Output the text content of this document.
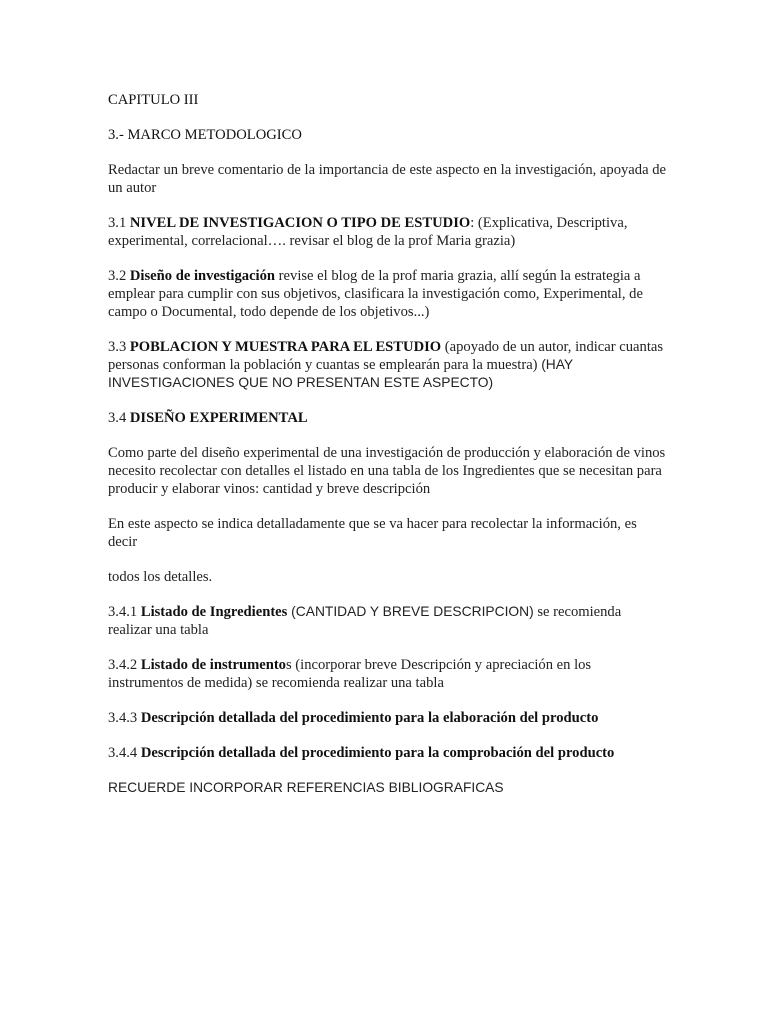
CAPITULO III

3.- MARCO METODOLOGICO

Redactar un breve comentario de la importancia de este aspecto en la investigación, apoyada de un autor

3.1 NIVEL DE INVESTIGACION O TIPO DE ESTUDIO: (Explicativa, Descriptiva, experimental, correlacional…. revisar el blog de la prof Maria grazia)

3.2 Diseño de investigación revise el blog de la prof maria grazia, allí según la estrategia a emplear para cumplir con sus objetivos, clasificara la investigación como, Experimental, de campo o Documental, todo depende de los objetivos...)

3.3 POBLACION Y MUESTRA PARA EL ESTUDIO (apoyado de un autor, indicar cuantas personas conforman la población y cuantas se emplearán para la muestra) (HAY INVESTIGACIONES QUE NO PRESENTAN ESTE ASPECTO)

3.4 DISEÑO EXPERIMENTAL

Como parte del diseño experimental de una investigación de producción y elaboración de vinos necesito recolectar con detalles el listado en una tabla de los Ingredientes que se necesitan para producir y elaborar vinos: cantidad y breve descripción

En este aspecto se indica detalladamente que se va hacer para recolectar la información, es decir

todos los detalles.

3.4.1 Listado de Ingredientes (CANTIDAD Y BREVE DESCRIPCION) se recomienda realizar una tabla

3.4.2 Listado de instrumentos (incorporar breve Descripción y apreciación en los instrumentos de medida) se recomienda realizar una tabla

3.4.3 Descripción detallada del procedimiento para la elaboración del producto

3.4.4 Descripción detallada del procedimiento para la comprobación del producto

RECUERDE INCORPORAR REFERENCIAS BIBLIOGRAFICAS
